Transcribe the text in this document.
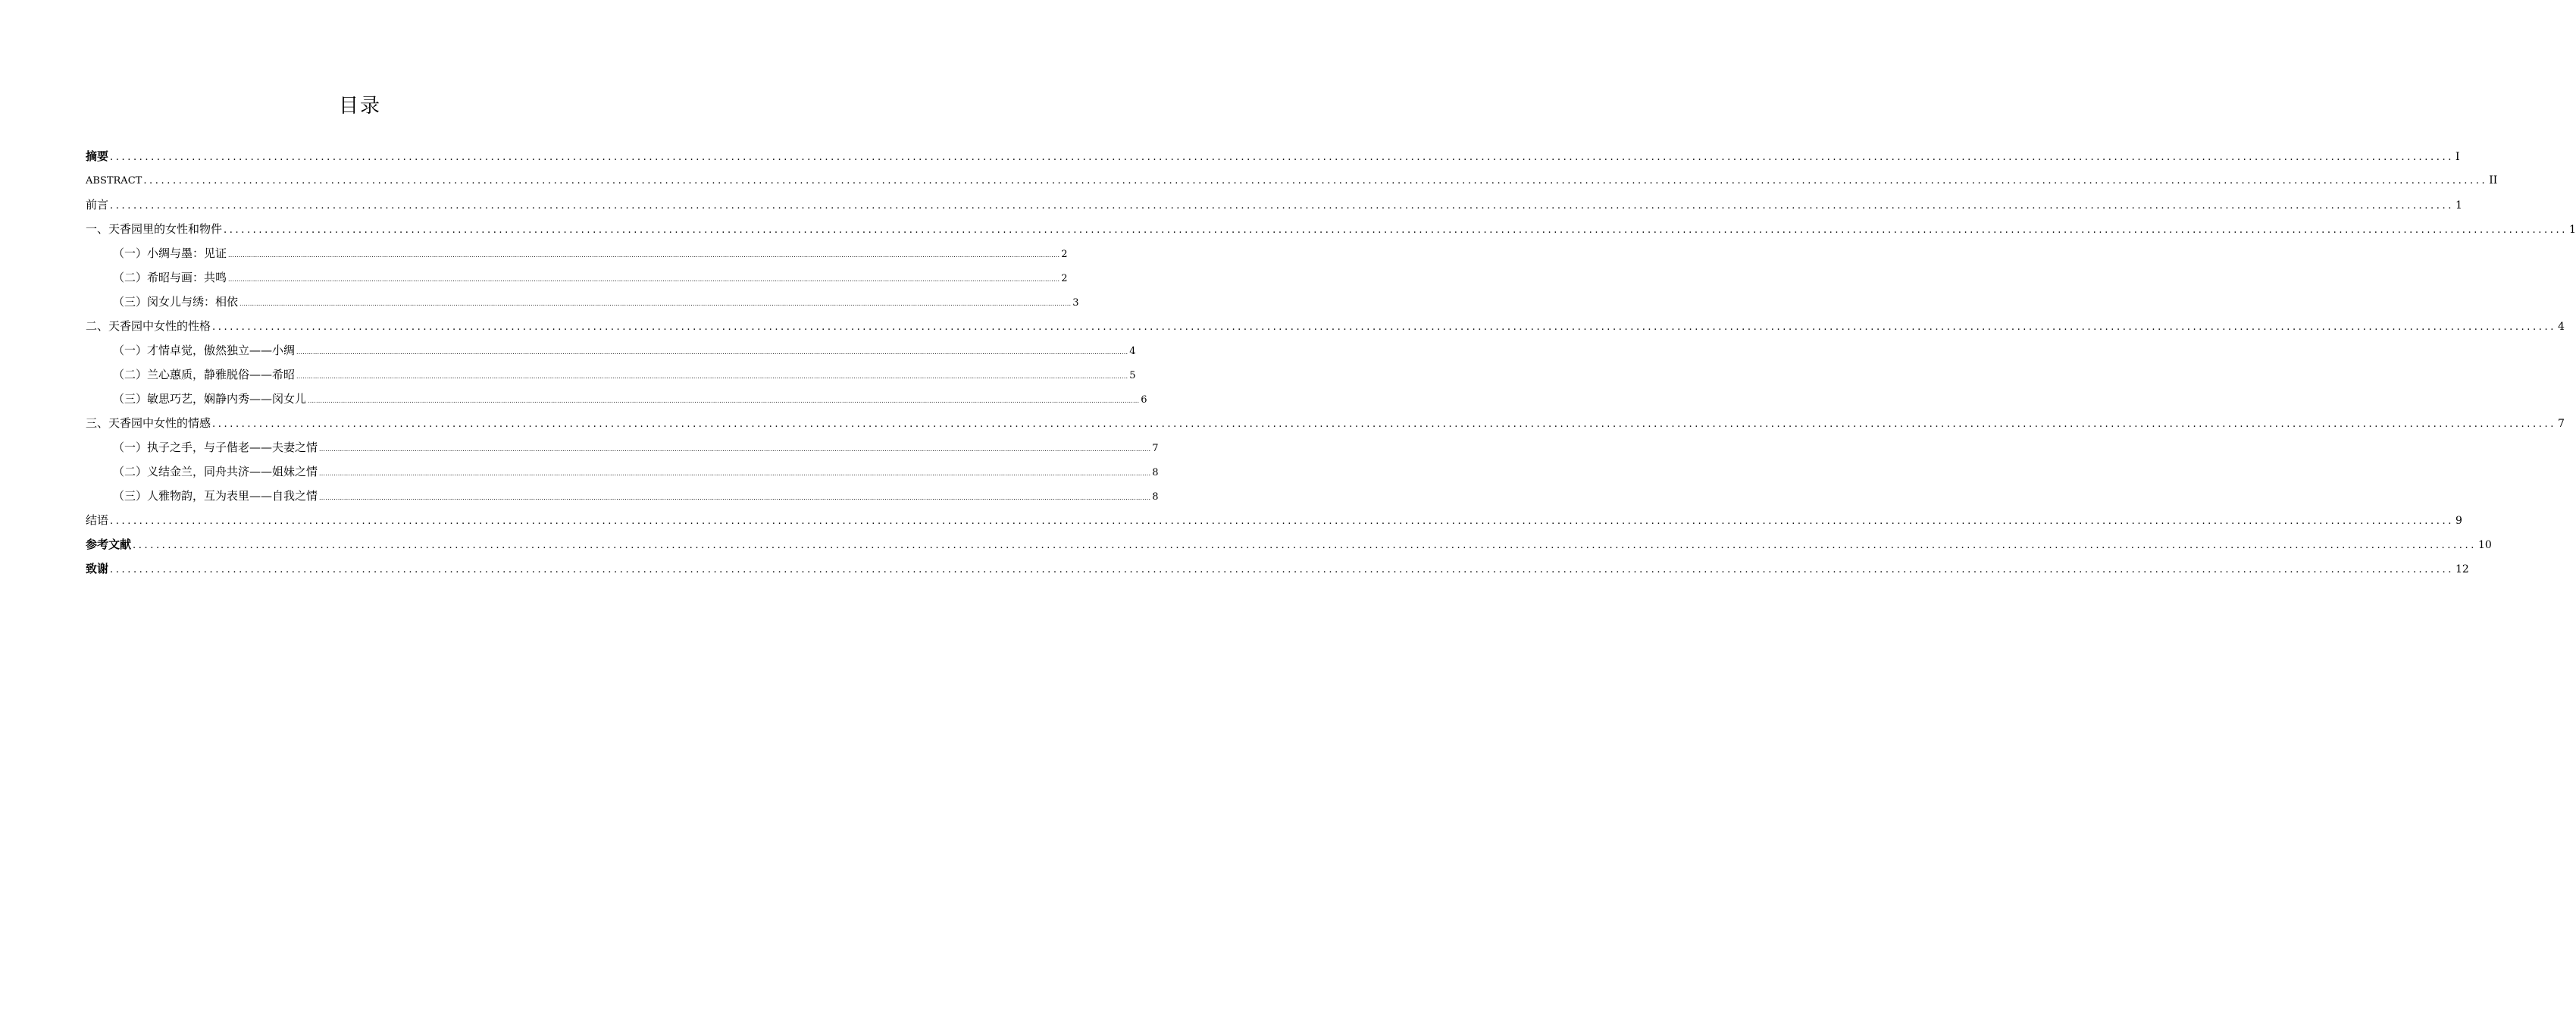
目录
摘要 ................................................................................................................................................................................................................................................................................................................................................................................................................ I
ABSTRACT ................................................................................................................................................................................................................................................................................................................................................................................................................ II
前言 ................................................................................................................................................................................................................................................................................................................................................................................................................ 1
一、天香园里的女性和物件 ................................................................................................................................................................................................................................................................................................................................................................................................................ 1
（一）小绸与墨：见证 ................................................................................................................................................................................................................................................................................................................................................................................................................ 2
（二）希昭与画：共鸣 ................................................................................................................................................................................................................................................................................................................................................................................................................ 2
（三）闵女儿与绣：相依 ................................................................................................................................................................................................................................................................................................................................................................................................................ 3
二、天香园中女性的性格 ................................................................................................................................................................................................................................................................................................................................................................................................................ 4
（一）才情卓觉，傲然独立——小绸 ................................................................................................................................................................................................................................................................................................................................................................................................................ 4
（二）兰心蕙质，静雅脱俗——希昭 ................................................................................................................................................................................................................................................................................................................................................................................................................ 5
（三）敏思巧艺，娴静内秀——闵女儿 ................................................................................................................................................................................................................................................................................................................................................................................................................ 6
三、天香园中女性的情感 ................................................................................................................................................................................................................................................................................................................................................................................................................ 7
（一）执子之手，与子偕老——夫妻之情 ................................................................................................................................................................................................................................................................................................................................................................................................................ 7
（二）义结金兰，同舟共济——姐妹之情 ................................................................................................................................................................................................................................................................................................................................................................................................................ 8
（三）人雅物韵，互为表里——自我之情 ................................................................................................................................................................................................................................................................................................................................................................................................................ 8
结语 ................................................................................................................................................................................................................................................................................................................................................................................................................ 9
参考文献 ................................................................................................................................................................................................................................................................................................................................................................................................................ 10
致谢 ................................................................................................................................................................................................................................................................................................................................................................................................................ 12
